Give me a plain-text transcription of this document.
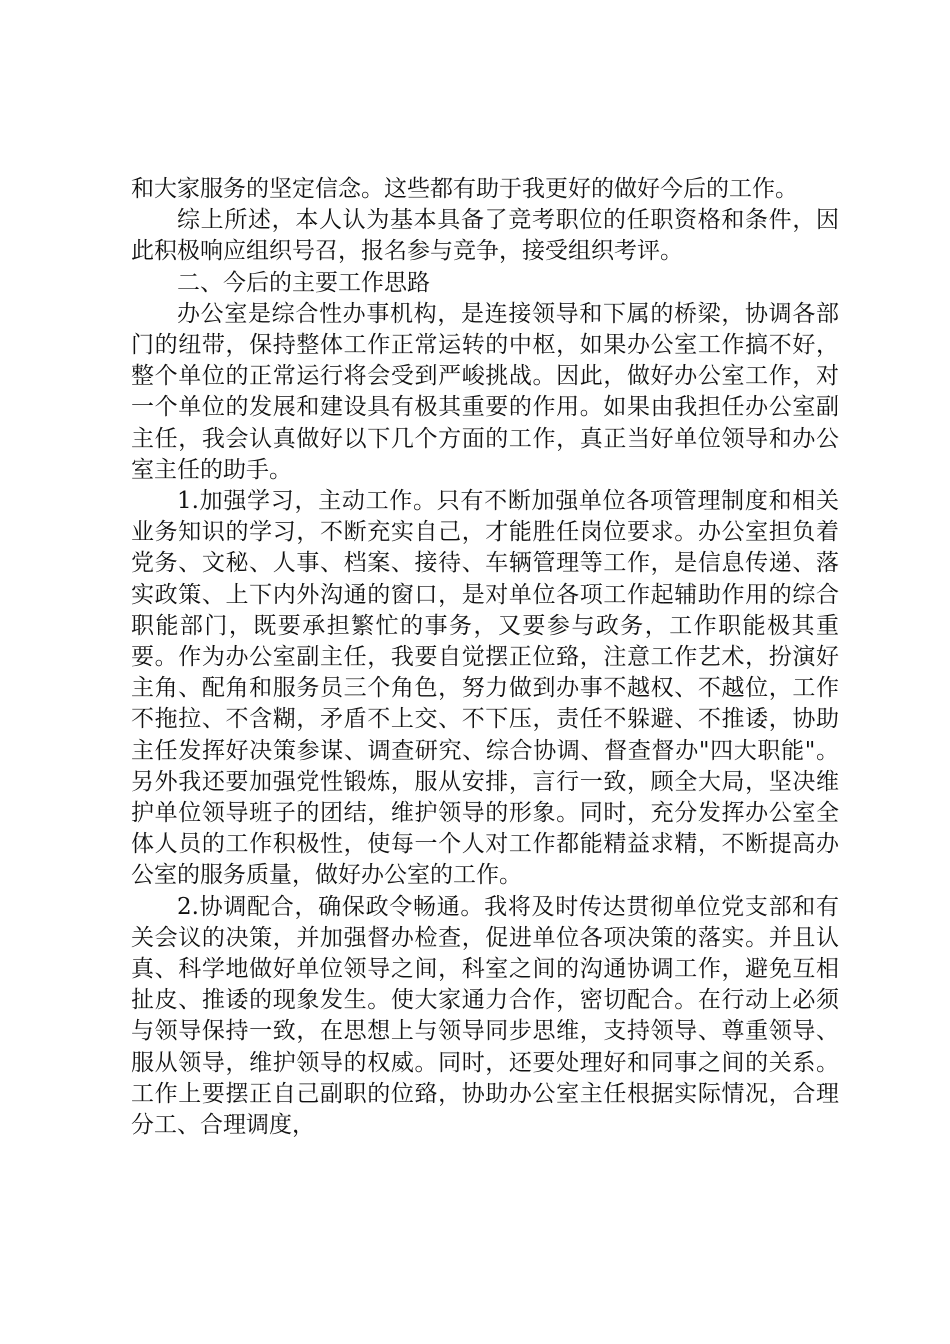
和大家服务的坚定信念。这些都有助于我更好的做好今后的工作。

综上所述，本人认为基本具备了竞考职位的任职资格和条件，因此积极响应组织号召，报名参与竞争，接受组织考评。

二、今后的主要工作思路

办公室是综合性办事机构，是连接领导和下属的桥梁，协调各部门的纽带，保持整体工作正常运转的中枢，如果办公室工作搞不好，整个单位的正常运行将会受到严峻挑战。因此，做好办公室工作，对一个单位的发展和建设具有极其重要的作用。如果由我担任办公室副主任，我会认真做好以下几个方面的工作，真正当好单位领导和办公室主任的助手。

1.加强学习，主动工作。只有不断加强单位各项管理制度和相关业务知识的学习，不断充实自己，才能胜任岗位要求。办公室担负着党务、文秘、人事、档案、接待、车辆管理等工作，是信息传递、落实政策、上下内外沟通的窗口，是对单位各项工作起辅助作用的综合职能部门，既要承担繁忙的事务，又要参与政务，工作职能极其重要。作为办公室副主任，我要自觉摆正位臵，注意工作艺术，扮演好主角、配角和服务员三个角色，努力做到办事不越权、不越位，工作不拖拉、不含糊，矛盾不上交、不下压，责任不躲避、不推诿，协助主任发挥好决策参谋、调查研究、综合协调、督查督办"四大职能"。另外我还要加强党性锻炼，服从安排，言行一致，顾全大局，坚决维护单位领导班子的团结，维护领导的形象。同时，充分发挥办公室全体人员的工作积极性，使每一个人对工作都能精益求精，不断提高办公室的服务质量，做好办公室的工作。

2.协调配合，确保政令畅通。我将及时传达贯彻单位党支部和有关会议的决策，并加强督办检查，促进单位各项决策的落实。并且认真、科学地做好单位领导之间，科室之间的沟通协调工作，避免互相扯皮、推诿的现象发生。使大家通力合作，密切配合。在行动上必须与领导保持一致，在思想上与领导同步思维，支持领导、尊重领导、服从领导，维护领导的权威。同时，还要处理好和同事之间的关系。工作上要摆正自己副职的位臵，协助办公室主任根据实际情况，合理分工、合理调度，
